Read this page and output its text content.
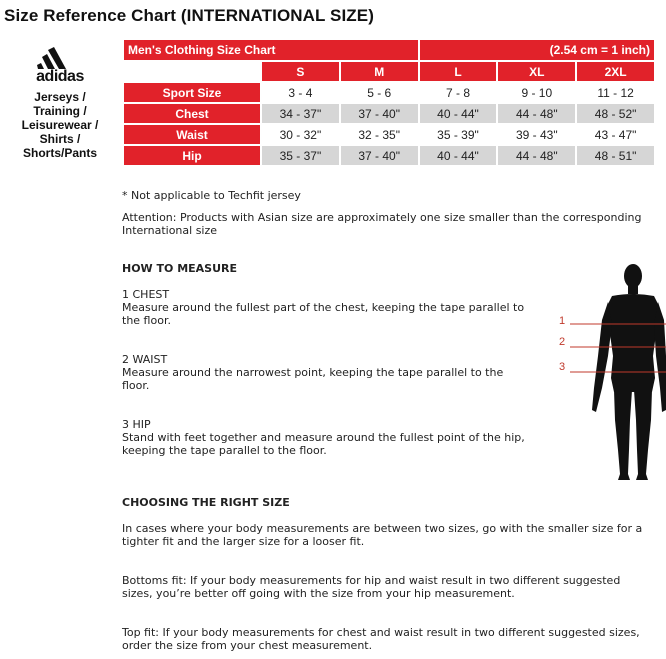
Size Reference Chart (INTERNATIONAL SIZE)
adidas
Jerseys /
Training /
Leisurewear /
Shirts /
Shorts/Pants
Men's Clothing Size Chart			(2.54 cm = 1 inch)		
	S	M	L	XL	2XL
Sport Size	3 - 4	5 - 6	7 - 8	9 - 10	11 - 12
Chest	34 - 37"	37 - 40"	40 - 44"	44 - 48"	48 - 52"
Waist	30 - 32"	32 - 35"	35 - 39"	39 - 43"	43 - 47"
Hip	35 - 37"	37 - 40"	40 - 44"	44 - 48"	48 - 51"
* Not applicable to Techfit jersey
Attention: Products with Asian size are approximately one size smaller than the corresponding
International size
HOW TO MEASURE
1 CHEST
Measure around the fullest part of the chest, keeping the tape parallel to
the floor.
2 WAIST
Measure around the narrowest point, keeping the tape parallel to the
floor.
3 HIP
Stand with feet together and measure around the fullest point of the hip,
keeping the tape parallel to the floor.
1
2
3
CHOOSING THE RIGHT SIZE
In cases where your body measurements are between two sizes, go with the smaller size for a
tighter fit and the larger size for a looser fit.
Bottoms fit: If your body measurements for hip and waist result in two different suggested
sizes, you’re better off going with the size from your hip measurement.
Top fit: If your body measurements for chest and waist result in two different suggested sizes,
order the size from your chest measurement.
